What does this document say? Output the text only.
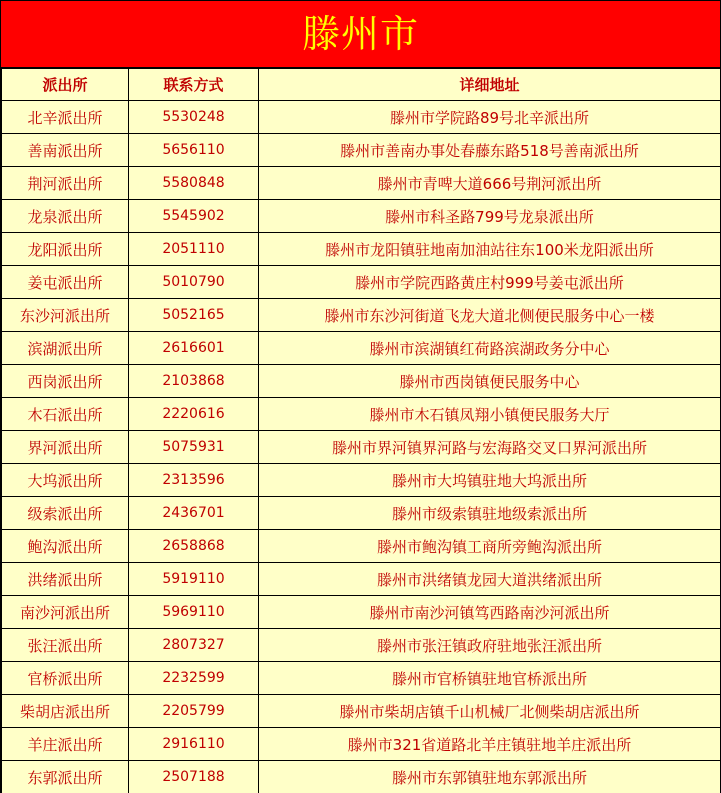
滕州市
派出所	联系方式	详细地址
北辛派出所	5530248	滕州市学院路89号北辛派出所
善南派出所	5656110	滕州市善南办事处春藤东路518号善南派出所
荆河派出所	5580848	滕州市青啤大道666号荆河派出所
龙泉派出所	5545902	滕州市科圣路799号龙泉派出所
龙阳派出所	2051110	滕州市龙阳镇驻地南加油站往东100米龙阳派出所
姜屯派出所	5010790	滕州市学院西路黄庄村999号姜屯派出所
东沙河派出所	5052165	滕州市东沙河街道飞龙大道北侧便民服务中心一楼
滨湖派出所	2616601	滕州市滨湖镇红荷路滨湖政务分中心
西岗派出所	2103868	滕州市西岗镇便民服务中心
木石派出所	2220616	滕州市木石镇凤翔小镇便民服务大厅
界河派出所	5075931	滕州市界河镇界河路与宏海路交叉口界河派出所
大坞派出所	2313596	滕州市大坞镇驻地大坞派出所
级索派出所	2436701	滕州市级索镇驻地级索派出所
鲍沟派出所	2658868	滕州市鲍沟镇工商所旁鲍沟派出所
洪绪派出所	5919110	滕州市洪绪镇龙园大道洪绪派出所
南沙河派出所	5969110	滕州市南沙河镇笃西路南沙河派出所
张汪派出所	2807327	滕州市张汪镇政府驻地张汪派出所
官桥派出所	2232599	滕州市官桥镇驻地官桥派出所
柴胡店派出所	2205799	滕州市柴胡店镇千山机械厂北侧柴胡店派出所
羊庄派出所	2916110	滕州市321省道路北羊庄镇驻地羊庄派出所
东郭派出所	2507188	滕州市东郭镇驻地东郭派出所
